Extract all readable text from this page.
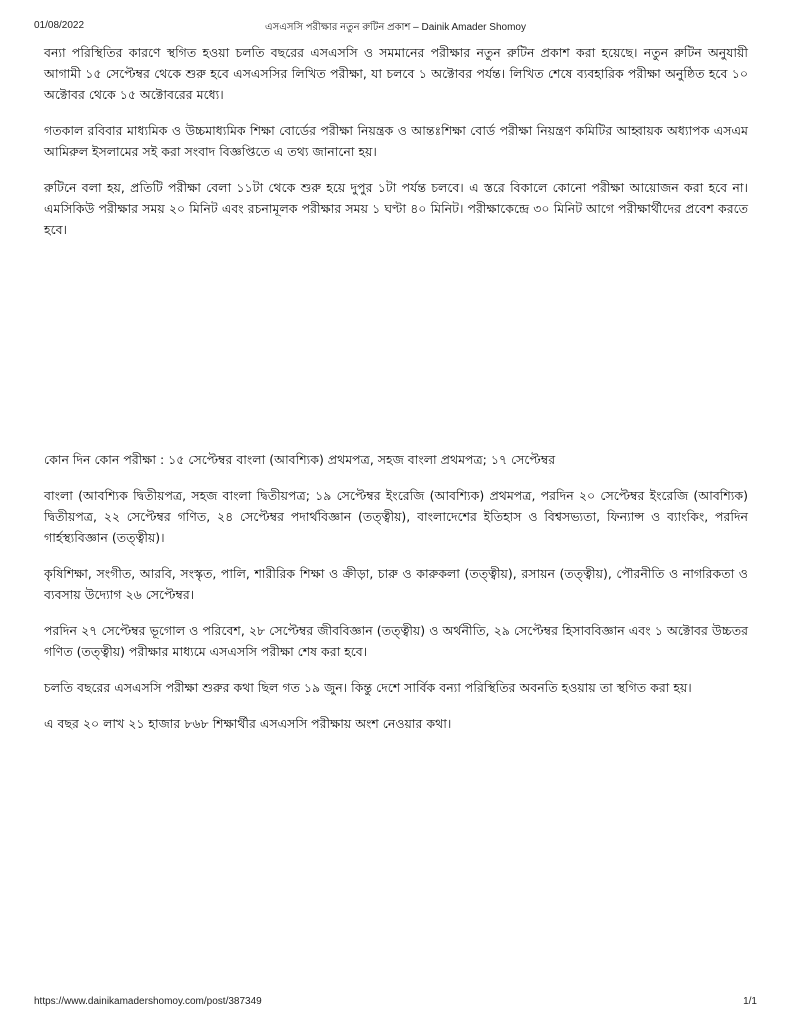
01/08/2022	এসএসসি পরীক্ষার নতুন রুটিন প্রকাশ – Dainik Amader Shomoy

বন্যা পরিস্থিতির কারণে স্থগিত হওয়া চলতি বছরের এসএসসি ও সমমানের পরীক্ষার নতুন রুটিন প্রকাশ করা হয়েছে। নতুন রুটিন অনুযায়ী আগামী ১৫ সেপ্টেম্বর থেকে শুরু হবে এসএসসির লিখিত পরীক্ষা, যা চলবে ১ অক্টোবর পর্যন্ত। লিখিত শেষে ব্যবহারিক পরীক্ষা অনুষ্ঠিত হবে ১০ অক্টোবর থেকে ১৫ অক্টোবরের মধ্যে।

গতকাল রবিবার মাধ্যমিক ও উচ্চমাধ্যমিক শিক্ষা বোর্ডের পরীক্ষা নিয়ন্ত্রক ও আন্তঃশিক্ষা বোর্ড পরীক্ষা নিয়ন্ত্রণ কমিটির আহ্বায়ক অধ্যাপক এসএম আমিরুল ইসলামের সই করা সংবাদ বিজ্ঞপ্তিতে এ তথ্য জানানো হয়।

রুটিনে বলা হয়, প্রতিটি পরীক্ষা বেলা ১১টা থেকে শুরু হয়ে দুপুর ১টা পর্যন্ত চলবে। এ স্তরে বিকালে কোনো পরীক্ষা আয়োজন করা হবে না। এমসিকিউ পরীক্ষার সময় ২০ মিনিট এবং রচনামূলক পরীক্ষার সময় ১ ঘণ্টা ৪০ মিনিট। পরীক্ষাকেন্দ্রে ৩০ মিনিট আগে পরীক্ষার্থীদের প্রবেশ করতে হবে।

কোন দিন কোন পরীক্ষা : ১৫ সেপ্টেম্বর বাংলা (আবশ্যিক) প্রথমপত্র, সহজ বাংলা প্রথমপত্র; ১৭ সেপ্টেম্বর

বাংলা (আবশ্যিক দ্বিতীয়পত্র, সহজ বাংলা দ্বিতীয়পত্র; ১৯ সেপ্টেম্বর ইংরেজি (আবশ্যিক) প্রথমপত্র, পরদিন ২০ সেপ্টেম্বর ইংরেজি (আবশ্যিক) দ্বিতীয়পত্র, ২২ সেপ্টেম্বর গণিত, ২৪ সেপ্টেম্বর পদার্থবিজ্ঞান (তত্ত্বীয়), বাংলাদেশের ইতিহাস ও বিশ্বসভ্যতা, ফিন্যান্স ও ব্যাংকিং, পরদিন গার্হস্থ্যবিজ্ঞান (তত্ত্বীয়)।

কৃষিশিক্ষা, সংগীত, আরবি, সংস্কৃত, পালি, শারীরিক শিক্ষা ও ক্রীড়া, চারু ও কারুকলা (তত্ত্বীয়), রসায়ন (তত্ত্বীয়), পৌরনীতি ও নাগরিকতা ও ব্যবসায় উদ্যোগ ২৬ সেপ্টেম্বর।

পরদিন ২৭ সেপ্টেম্বর ভূগোল ও পরিবেশ, ২৮ সেপ্টেম্বর জীববিজ্ঞান (তত্ত্বীয়) ও অর্থনীতি, ২৯ সেপ্টেম্বর হিসাববিজ্ঞান এবং ১ অক্টোবর উচ্চতর গণিত (তত্ত্বীয়) পরীক্ষার মাধ্যমে এসএসসি পরীক্ষা শেষ করা হবে।

চলতি বছরের এসএসসি পরীক্ষা শুরুর কথা ছিল গত ১৯ জুন। কিন্তু দেশে সার্বিক বন্যা পরিস্থিতির অবনতি হওয়ায় তা স্থগিত করা হয়।

এ বছর ২০ লাখ ২১ হাজার ৮৬৮ শিক্ষার্থীর এসএসসি পরীক্ষায় অংশ নেওয়ার কথা।

https://www.dainikamadershomoy.com/post/387349	1/1
